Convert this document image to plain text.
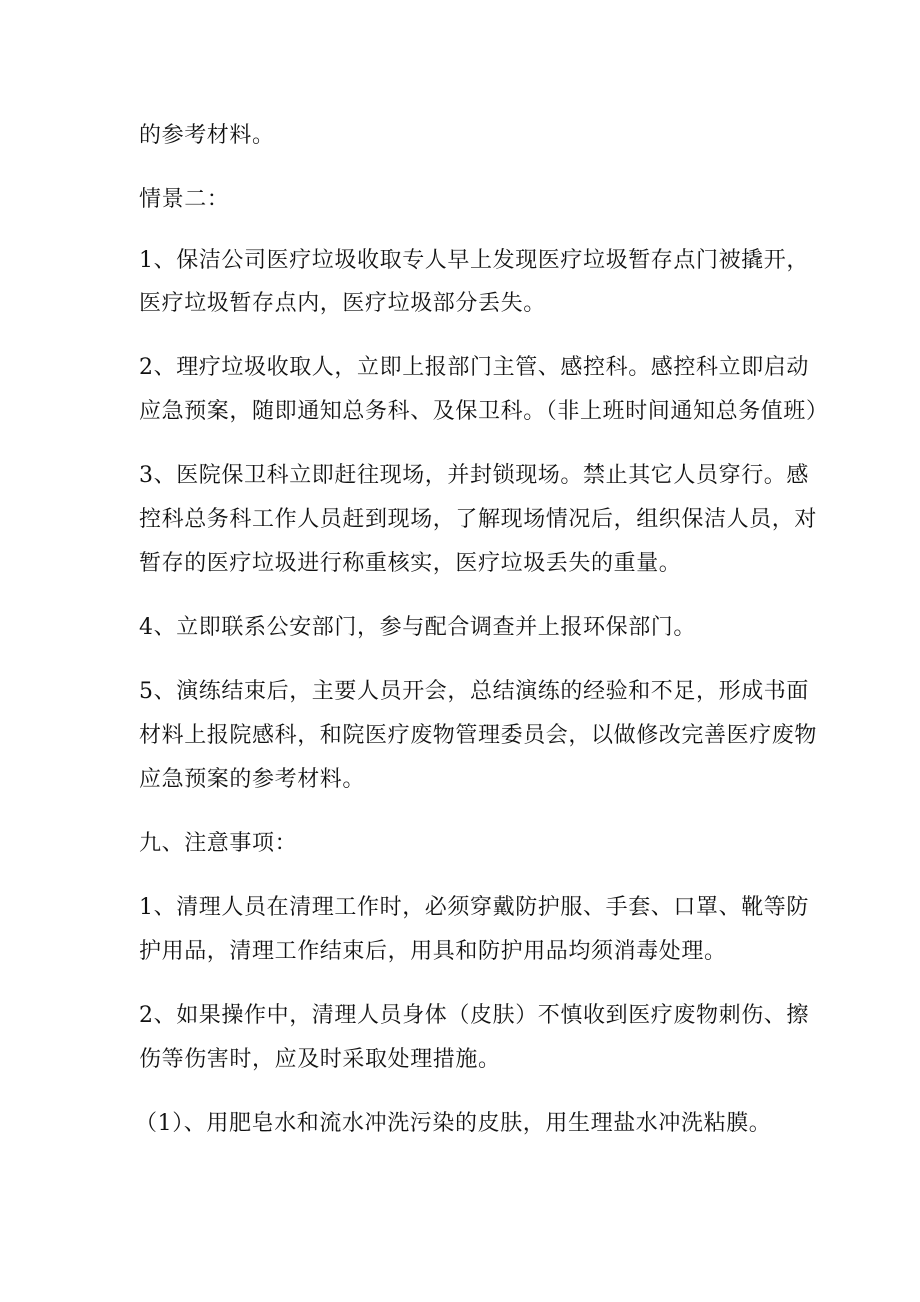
的参考材料。
情景二：
1、保洁公司医疗垃圾收取专人早上发现医疗垃圾暂存点门被撬开，
医疗垃圾暂存点内，医疗垃圾部分丢失。
2、理疗垃圾收取人，立即上报部门主管、感控科。感控科立即启动
应急预案，随即通知总务科、及保卫科。（非上班时间通知总务值班）
3、医院保卫科立即赶往现场，并封锁现场。禁止其它人员穿行。感
控科总务科工作人员赶到现场，了解现场情况后，组织保洁人员，对
暂存的医疗垃圾进行称重核实，医疗垃圾丢失的重量。
4、立即联系公安部门，参与配合调查并上报环保部门。
5、演练结束后，主要人员开会，总结演练的经验和不足，形成书面
材料上报院感科，和院医疗废物管理委员会，以做修改完善医疗废物
应急预案的参考材料。
九、注意事项：
1、清理人员在清理工作时，必须穿戴防护服、手套、口罩、靴等防
护用品，清理工作结束后，用具和防护用品均须消毒处理。
2、如果操作中，清理人员身体（皮肤）不慎收到医疗废物刺伤、擦
伤等伤害时，应及时采取处理措施。
（1）、用肥皂水和流水冲洗污染的皮肤，用生理盐水冲洗粘膜。
